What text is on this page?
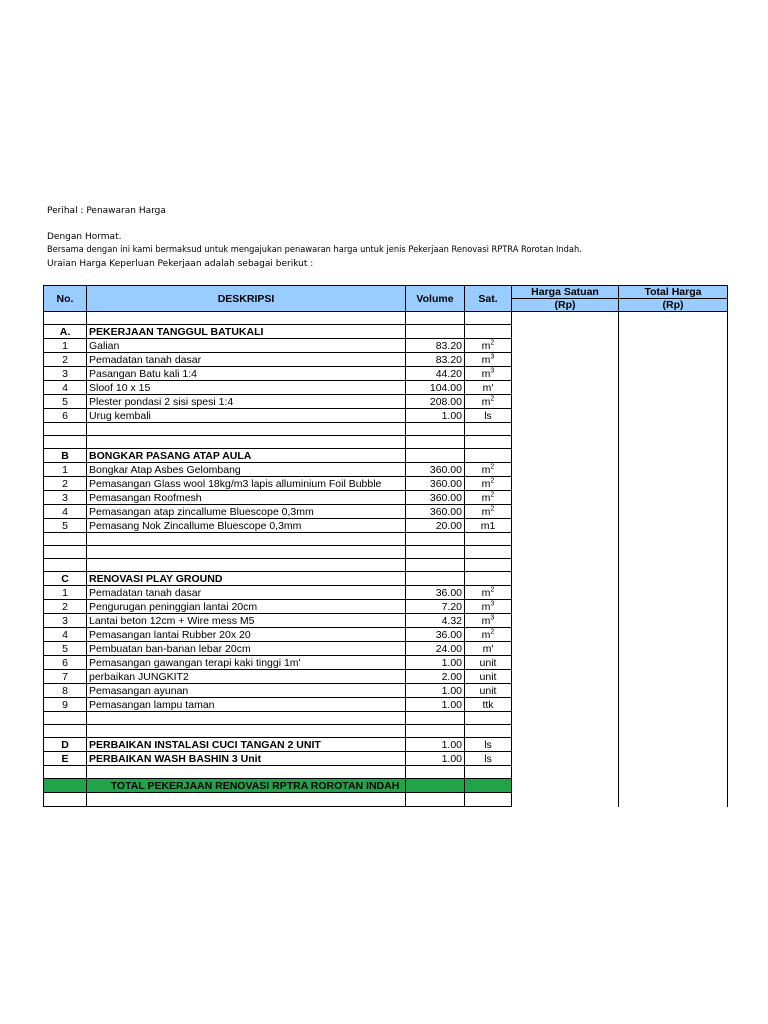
Perihal : Penawaran Harga
Dengan Hormat.
Bersama dengan ini kami bermaksud untuk mengajukan penawaran harga untuk jenis Pekerjaan Renovasi RPTRA Rorotan Indah.
Uraian Harga Keperluan Pekerjaan adalah sebagai berikut :
No.	DESKRIPSI	Volume	Sat.	Harga Satuan	Total Harga
				(Rp)	(Rp)

A.	PEKERJAAN TANGGUL BATUKALI				
1	Galian	83.20	$m^2$		
2	Pemadatan tanah dasar	83.20	$m^3$		
3	Pasangan Batu kali 1:4	44.20	$m^3$		
4	Sloof 10 x 15	104.00	m'		
5	Plester pondasi 2 sisi spesi 1:4	208.00	$m^2$		
6	Urug kembali	1.00	ls		

B	BONGKAR PASANG ATAP AULA				
1	Bongkar Atap Asbes Gelombang	360.00	$m^2$		
2	Pemasangan Glass wool 18kg/m3 lapis alluminium Foil Bubble	360.00	$m^2$		
3	Pemasangan Roofmesh	360.00	$m^2$		
4	Pemasangan atap zincallume Bluescope 0,3mm	360.00	$m^2$		
5	Pemasang Nok Zincallume Bluescope 0,3mm	20.00	m1		

C	RENOVASI PLAY GROUND				
1	Pemadatan tanah dasar	36.00	$m^2$		
2	Pengurugan peninggian lantai 20cm	7.20	$m^3$		
3	Lantai beton 12cm + Wire mess M5	4.32	$m^3$		
4	Pemasangan lantai Rubber 20x 20	36.00	$m^2$		
5	Pembuatan ban-banan lebar 20cm	24.00	m'		
6	Pemasangan gawangan terapi kaki tinggi 1m'	1.00	unit		
7	perbaikan JUNGKIT2	2.00	unit		
8	Pemasangan ayunan	1.00	unit		
9	Pemasangan lampu taman	1.00	ttk		

D	PERBAIKAN INSTALASI CUCI TANGAN 2 UNIT	1.00	ls		
E	PERBAIKAN WASH BASHIN 3 Unit	1.00	ls		

	TOTAL PEKERJAAN RENOVASI RPTRA ROROTAN INDAH				
